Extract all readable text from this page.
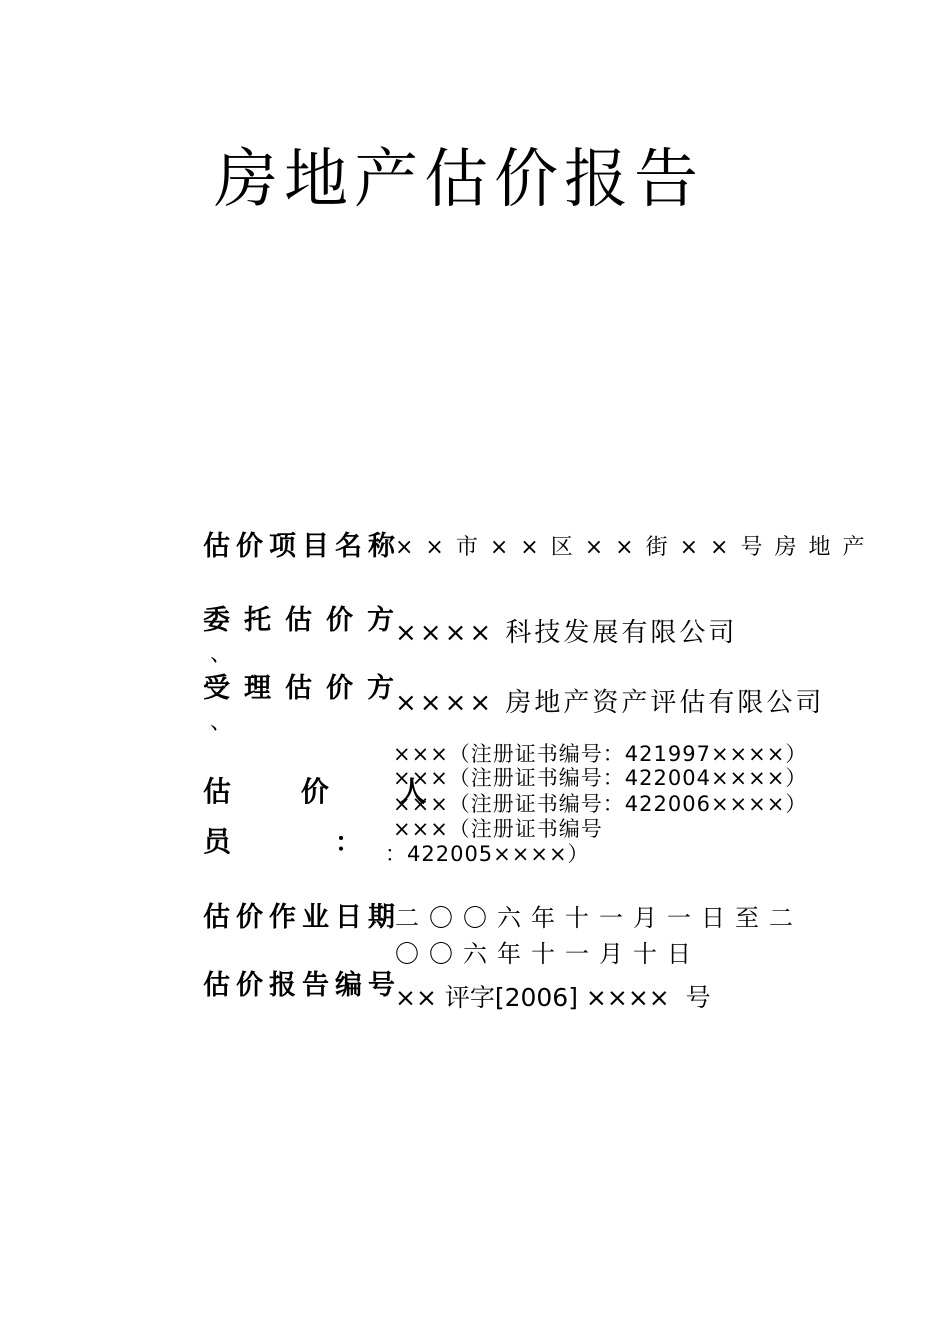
房地产估价报告
估价项目名称
××市××区××街××号房地产
委托估价方
、
×××× 科技发展有限公司
受理估价方
、
×××× 房地产资产评估有限公司
估 价 人
员	：
×××（注册证书编号：421997××××）
×××（注册证书编号：422004××××）
×××（注册证书编号：422006××××）
×××（注册证书编号
：422005××××）
估价作业日期
二〇〇六年十一月一日至二〇〇六年十一月十日
估价报告编号
×× 评字[2006] ××××  号
